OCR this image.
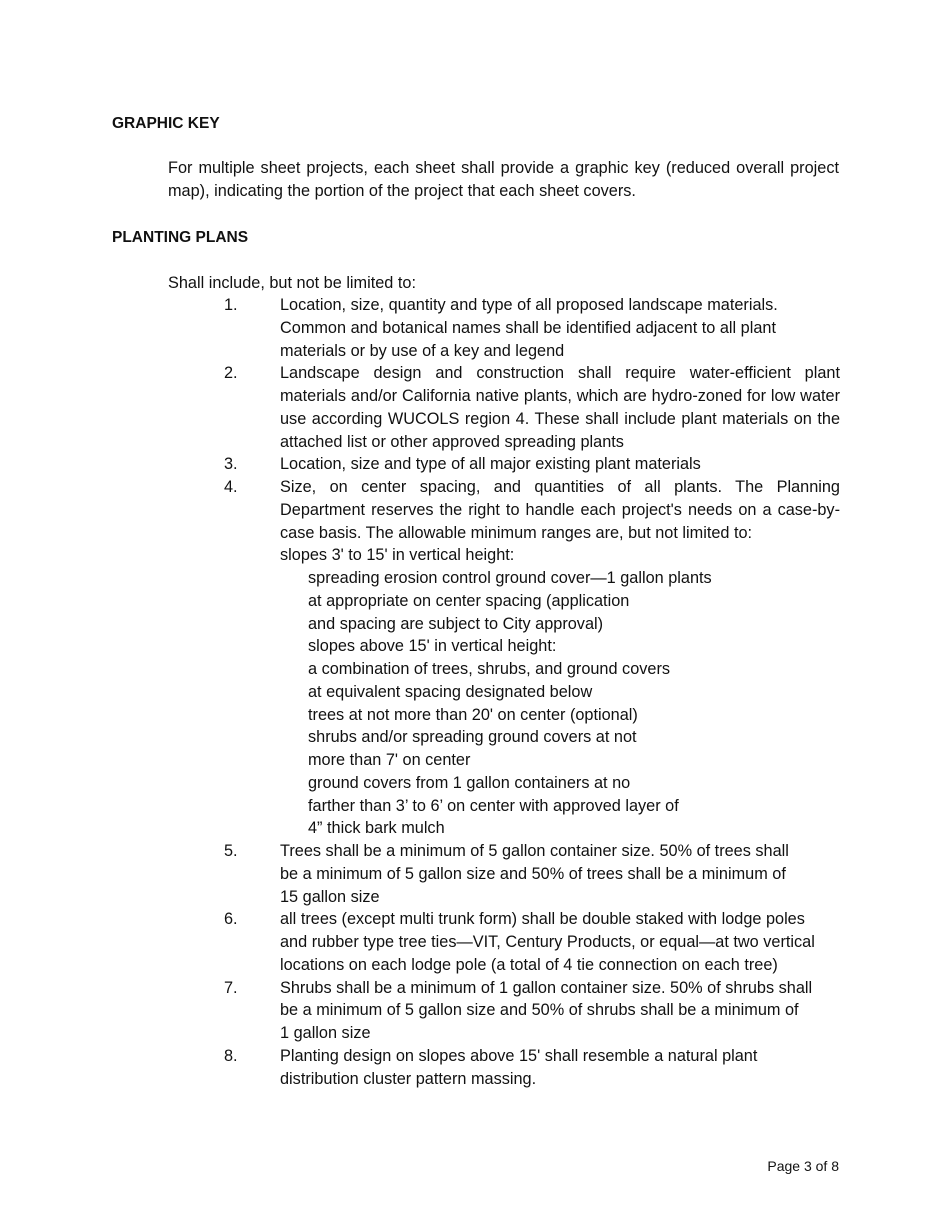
GRAPHIC KEY

For multiple sheet projects, each sheet shall provide a graphic key (reduced overall project map), indicating the portion of the project that each sheet covers.

PLANTING PLANS

Shall include, but not be limited to:

1.	Location, size, quantity and type of all proposed landscape materials.
Common and botanical names shall be identified adjacent to all plant
materials or by use of a key and legend
2.	Landscape design and construction shall require water-efficient plant materials and/or California native plants, which are hydro-zoned for low water use according WUCOLS region 4. These shall include plant materials on the attached list or other approved spreading plants

3.	Location, size and type of all major existing plant materials
4.	Size, on center spacing, and quantities of all plants. The Planning Department reserves the right to handle each project's needs on a case-by-case basis. The allowable minimum ranges are, but not limited to:

slopes 3' to 15' in vertical height:
spreading erosion control ground cover—1 gallon plants
at appropriate on center spacing (application
and spacing are subject to City approval)
slopes above 15' in vertical height:
a combination of trees, shrubs, and ground covers
at equivalent spacing designated below
trees at not more than 20' on center (optional)
shrubs and/or spreading ground covers at not
more than 7' on center
ground covers from 1 gallon containers at no
farther than 3’ to 6’ on center with approved layer of
4” thick bark mulch
5.	Trees shall be a minimum of 5 gallon container size. 50% of trees shall
be a minimum of 5 gallon size and 50% of trees shall be a minimum of
15 gallon size
6.	all trees (except multi trunk form) shall be double staked with lodge poles
and rubber type tree ties—VIT, Century Products, or equal—at two vertical
locations on each lodge pole (a total of 4 tie connection on each tree)
7.	Shrubs shall be a minimum of 1 gallon container size. 50% of shrubs shall
be a minimum of 5 gallon size and 50% of shrubs shall be a minimum of
1 gallon size
8.	Planting design on slopes above 15' shall resemble a natural plant
distribution cluster pattern massing.

Page 3 of 8
